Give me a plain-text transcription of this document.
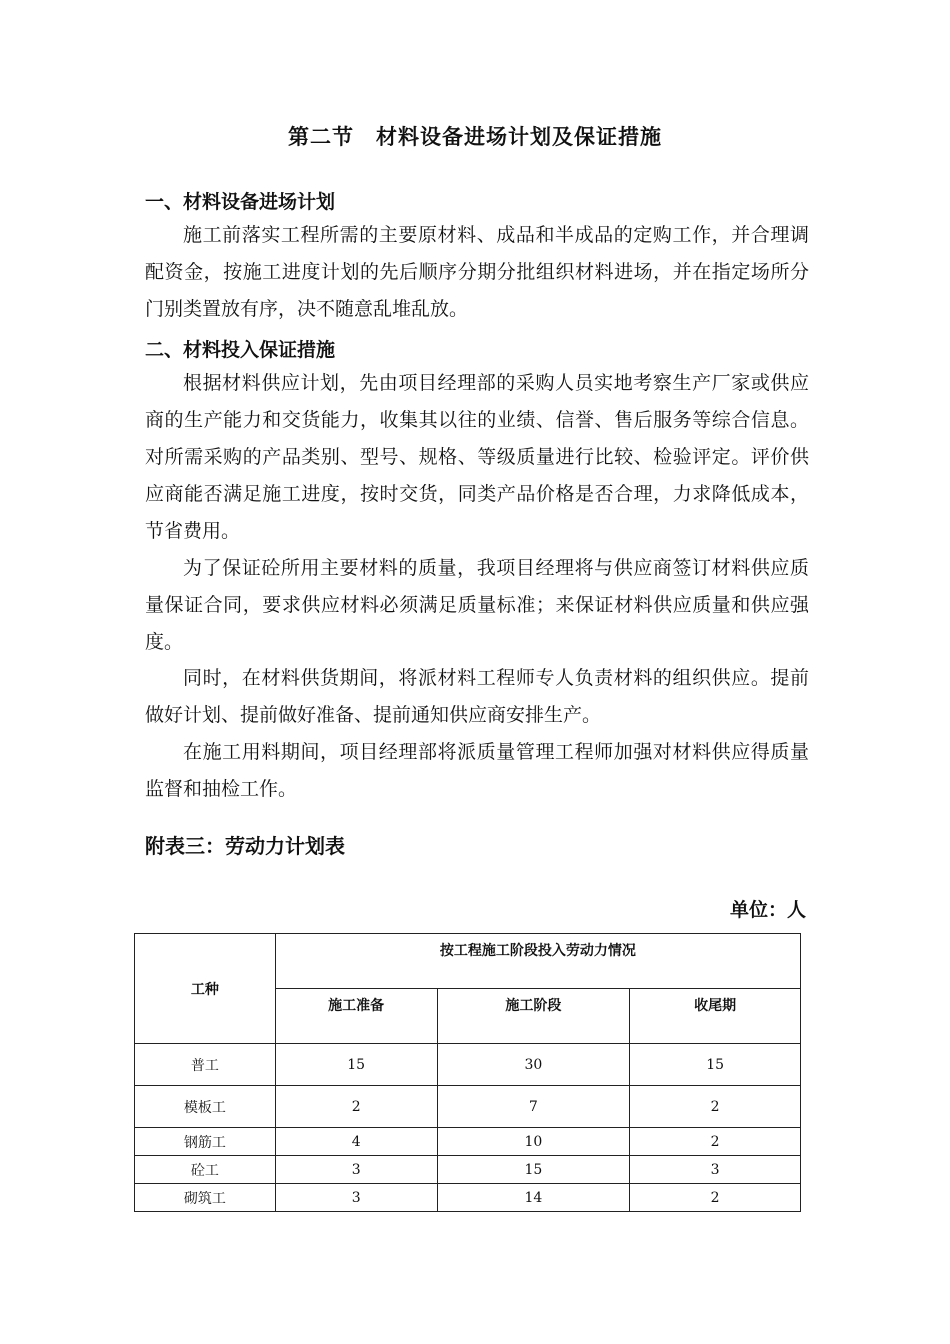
第二节　材料设备进场计划及保证措施
一、材料设备进场计划

施工前落实工程所需的主要原材料、成品和半成品的定购工作，并合理调配资金，按施工进度计划的先后顺序分期分批组织材料进场，并在指定场所分门别类置放有序，决不随意乱堆乱放。

二、材料投入保证措施

根据材料供应计划，先由项目经理部的采购人员实地考察生产厂家或供应商的生产能力和交货能力，收集其以往的业绩、信誉、售后服务等综合信息。对所需采购的产品类别、型号、规格、等级质量进行比较、检验评定。评价供应商能否满足施工进度，按时交货，同类产品价格是否合理，力求降低成本，节省费用。

为了保证砼所用主要材料的质量，我项目经理将与供应商签订材料供应质量保证合同，要求供应材料必须满足质量标准；来保证材料供应质量和供应强度。

同时，在材料供货期间，将派材料工程师专人负责材料的组织供应。提前做好计划、提前做好准备、提前通知供应商安排生产。

在施工用料期间，项目经理部将派质量管理工程师加强对材料供应得质量监督和抽检工作。

附表三：劳动力计划表
单位：人
工种	按工程施工阶段投入劳动力情况		

	施工准备	施工阶段	收尾期

普工	15	30	15
模板工	2	7	2
钢筋工	4	10	2
砼工	3	15	3
砌筑工	3	14	2
